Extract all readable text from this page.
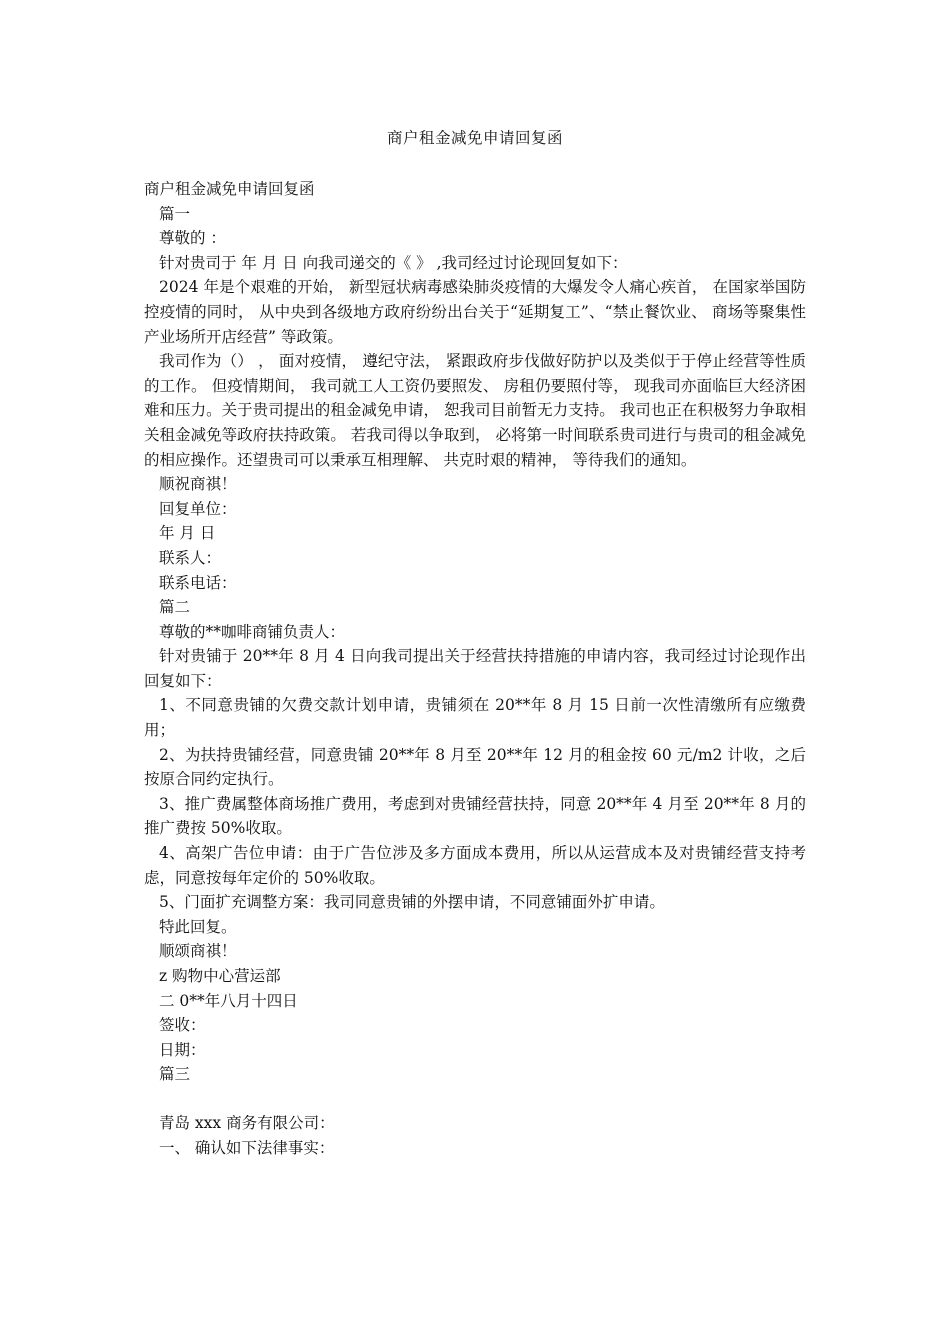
商户租金减免申请回复函

商户租金减免申请回复函

篇一

尊敬的 ：

针对贵司于 年 月 日 向我司递交的《 》 ,我司经过讨论现回复如下：

2024 年是个艰难的开始， 新型冠状病毒感染肺炎疫情的大爆发令人痛心疾首， 在国家举国防控疫情的同时， 从中央到各级地方政府纷纷出台关于“延期复工”、“禁止餐饮业、 商场等聚集性产业场所开店经营” 等政策。

我司作为（） ， 面对疫情， 遵纪守法， 紧跟政府步伐做好防护以及类似于于停止经营等性质的工作。 但疫情期间， 我司就工人工资仍要照发、 房租仍要照付等， 现我司亦面临巨大经济困难和压力。关于贵司提出的租金减免申请， 恕我司目前暂无力支持。 我司也正在积极努力争取相关租金减免等政府扶持政策。 若我司得以争取到， 必将第一时间联系贵司进行与贵司的租金减免的相应操作。还望贵司可以秉承互相理解、 共克时艰的精神， 等待我们的通知。

顺祝商祺！

回复单位：

年 月 日

联系人：

联系电话：

篇二

尊敬的**咖啡商铺负责人：

针对贵铺于 20**年 8 月 4 日向我司提出关于经营扶持措施的申请内容，我司经过讨论现作出回复如下：

1、不同意贵铺的欠费交款计划申请，贵铺须在 20**年 8 月 15 日前一次性清缴所有应缴费用；

2、为扶持贵铺经营，同意贵铺 20**年 8 月至 20**年 12 月的租金按 60 元/m2 计收，之后按原合同约定执行。

3、推广费属整体商场推广费用，考虑到对贵铺经营扶持，同意 20**年 4 月至 20**年 8 月的推广费按 50%收取。

4、高架广告位申请：由于广告位涉及多方面成本费用，所以从运营成本及对贵铺经营支持考虑，同意按每年定价的 50%收取。

5、门面扩充调整方案：我司同意贵铺的外摆申请，不同意铺面外扩申请。

特此回复。

顺颂商祺！

z 购物中心营运部

二 0**年八月十四日

签收：

日期：

篇三

青岛 xxx 商务有限公司：

一、 确认如下法律事实：
